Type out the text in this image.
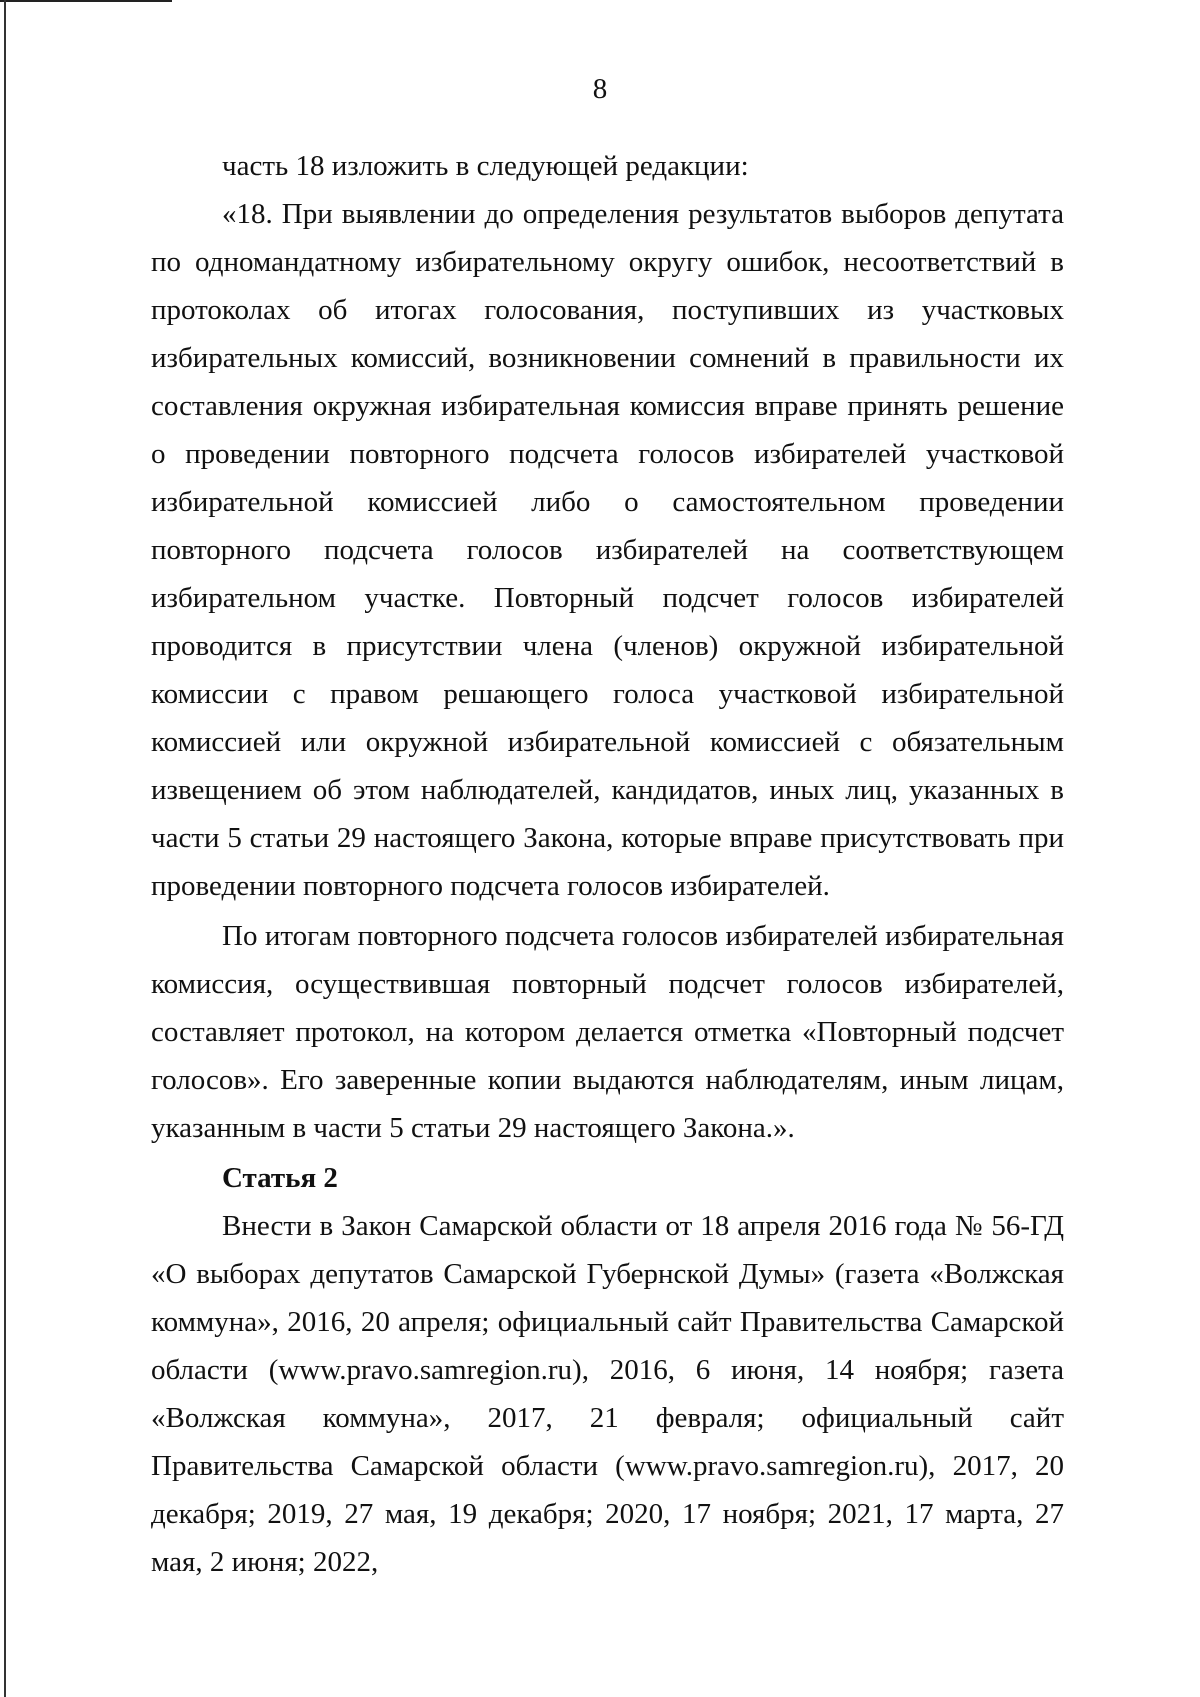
8

часть 18 изложить в следующей редакции:

«18. При выявлении до определения результатов выборов депутата по одномандатному избирательному округу ошибок, несоответствий в протоколах об итогах голосования, поступивших из участковых избирательных комиссий, возникновении сомнений в правильности их составления окружная избирательная комиссия вправе принять решение о проведении повторного подсчета голосов избирателей участковой избирательной комиссией либо о самостоятельном проведении повторного подсчета голосов избирателей на соответствующем избирательном участке. Повторный подсчет голосов избирателей проводится в присутствии члена (членов) окружной избирательной комиссии с правом решающего голоса участковой избирательной комиссией или окружной избирательной комиссией с обязательным извещением об этом наблюдателей, кандидатов, иных лиц, указанных в части 5 статьи 29 настоящего Закона, которые вправе присутствовать при проведении повторного подсчета голосов избирателей.

По итогам повторного подсчета голосов избирателей избирательная комиссия, осуществившая повторный подсчет голосов избирателей, составляет протокол, на котором делается отметка «Повторный подсчет голосов». Его заверенные копии выдаются наблюдателям, иным лицам, указанным в части 5 статьи 29 настоящего Закона.».

Статья 2

Внести в Закон Самарской области от 18 апреля 2016 года № 56-ГД «О выборах депутатов Самарской Губернской Думы» (газета «Волжская коммуна», 2016, 20 апреля; официальный сайт Правительства Самарской области (www.pravo.samregion.ru), 2016, 6 июня, 14 ноября; газета «Волжская коммуна», 2017, 21 февраля; официальный сайт Правительства Самарской области (www.pravo.samregion.ru), 2017, 20 декабря; 2019, 27 мая, 19 декабря; 2020, 17 ноября; 2021, 17 марта, 27 мая, 2 июня; 2022,
